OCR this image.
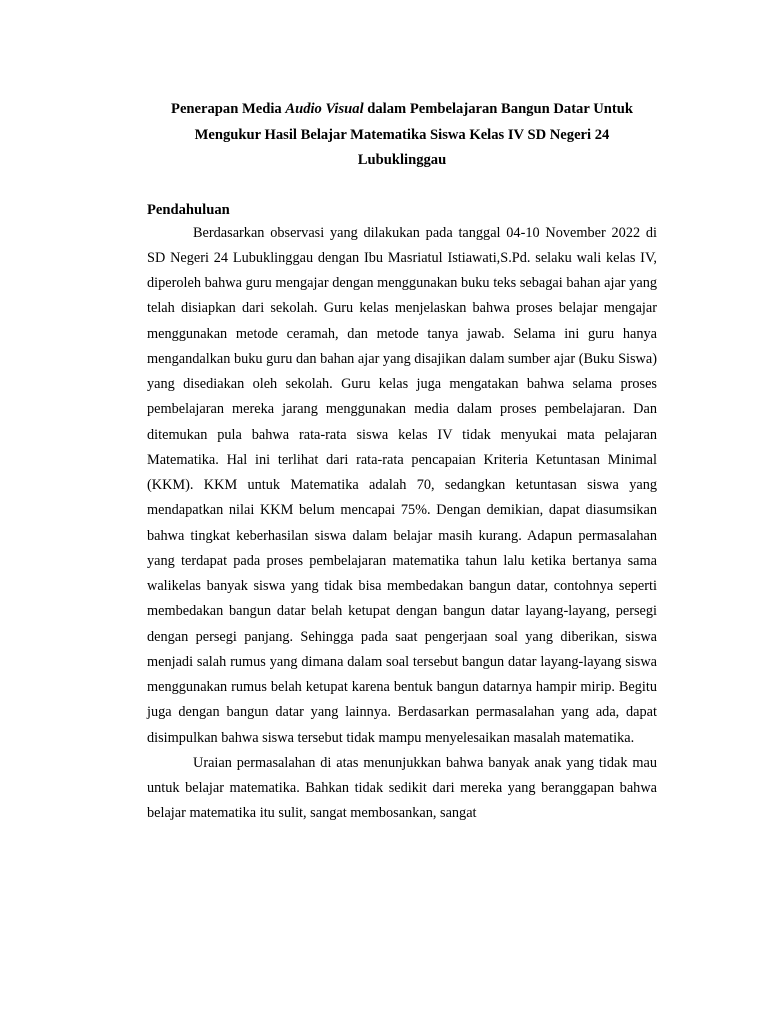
Penerapan Media Audio Visual dalam Pembelajaran Bangun Datar Untuk Mengukur Hasil Belajar Matematika Siswa Kelas IV SD Negeri 24 Lubuklinggau
Pendahuluan

Berdasarkan observasi yang dilakukan pada tanggal 04-10 November 2022 di SD Negeri 24 Lubuklinggau dengan Ibu Masriatul Istiawati,S.Pd. selaku wali kelas IV, diperoleh bahwa guru mengajar dengan menggunakan buku teks sebagai bahan ajar yang telah disiapkan dari sekolah. Guru kelas menjelaskan bahwa proses belajar mengajar menggunakan metode ceramah, dan metode tanya jawab. Selama ini guru hanya mengandalkan buku guru dan bahan ajar yang disajikan dalam sumber ajar (Buku Siswa) yang disediakan oleh sekolah. Guru kelas juga mengatakan bahwa selama proses pembelajaran mereka jarang menggunakan media dalam proses pembelajaran. Dan ditemukan pula bahwa rata-rata siswa kelas IV tidak menyukai mata pelajaran Matematika. Hal ini terlihat dari rata-rata pencapaian Kriteria Ketuntasan Minimal (KKM). KKM untuk Matematika adalah 70, sedangkan ketuntasan siswa yang mendapatkan nilai KKM belum mencapai 75%. Dengan demikian, dapat diasumsikan bahwa tingkat keberhasilan siswa dalam belajar masih kurang. Adapun permasalahan yang terdapat pada proses pembelajaran matematika tahun lalu ketika bertanya sama walikelas banyak siswa yang tidak bisa membedakan bangun datar, contohnya seperti membedakan bangun datar belah ketupat dengan bangun datar layang-layang, persegi dengan persegi panjang. Sehingga pada saat pengerjaan soal yang diberikan, siswa menjadi salah rumus yang dimana dalam soal tersebut bangun datar layang-layang siswa menggunakan rumus belah ketupat karena bentuk bangun datarnya hampir mirip. Begitu juga dengan bangun datar yang lainnya. Berdasarkan permasalahan yang ada, dapat disimpulkan bahwa siswa tersebut tidak mampu menyelesaikan masalah matematika.

Uraian permasalahan di atas menunjukkan bahwa banyak anak yang tidak mau untuk belajar matematika. Bahkan tidak sedikit dari mereka yang beranggapan bahwa belajar matematika itu sulit, sangat membosankan, sangat
